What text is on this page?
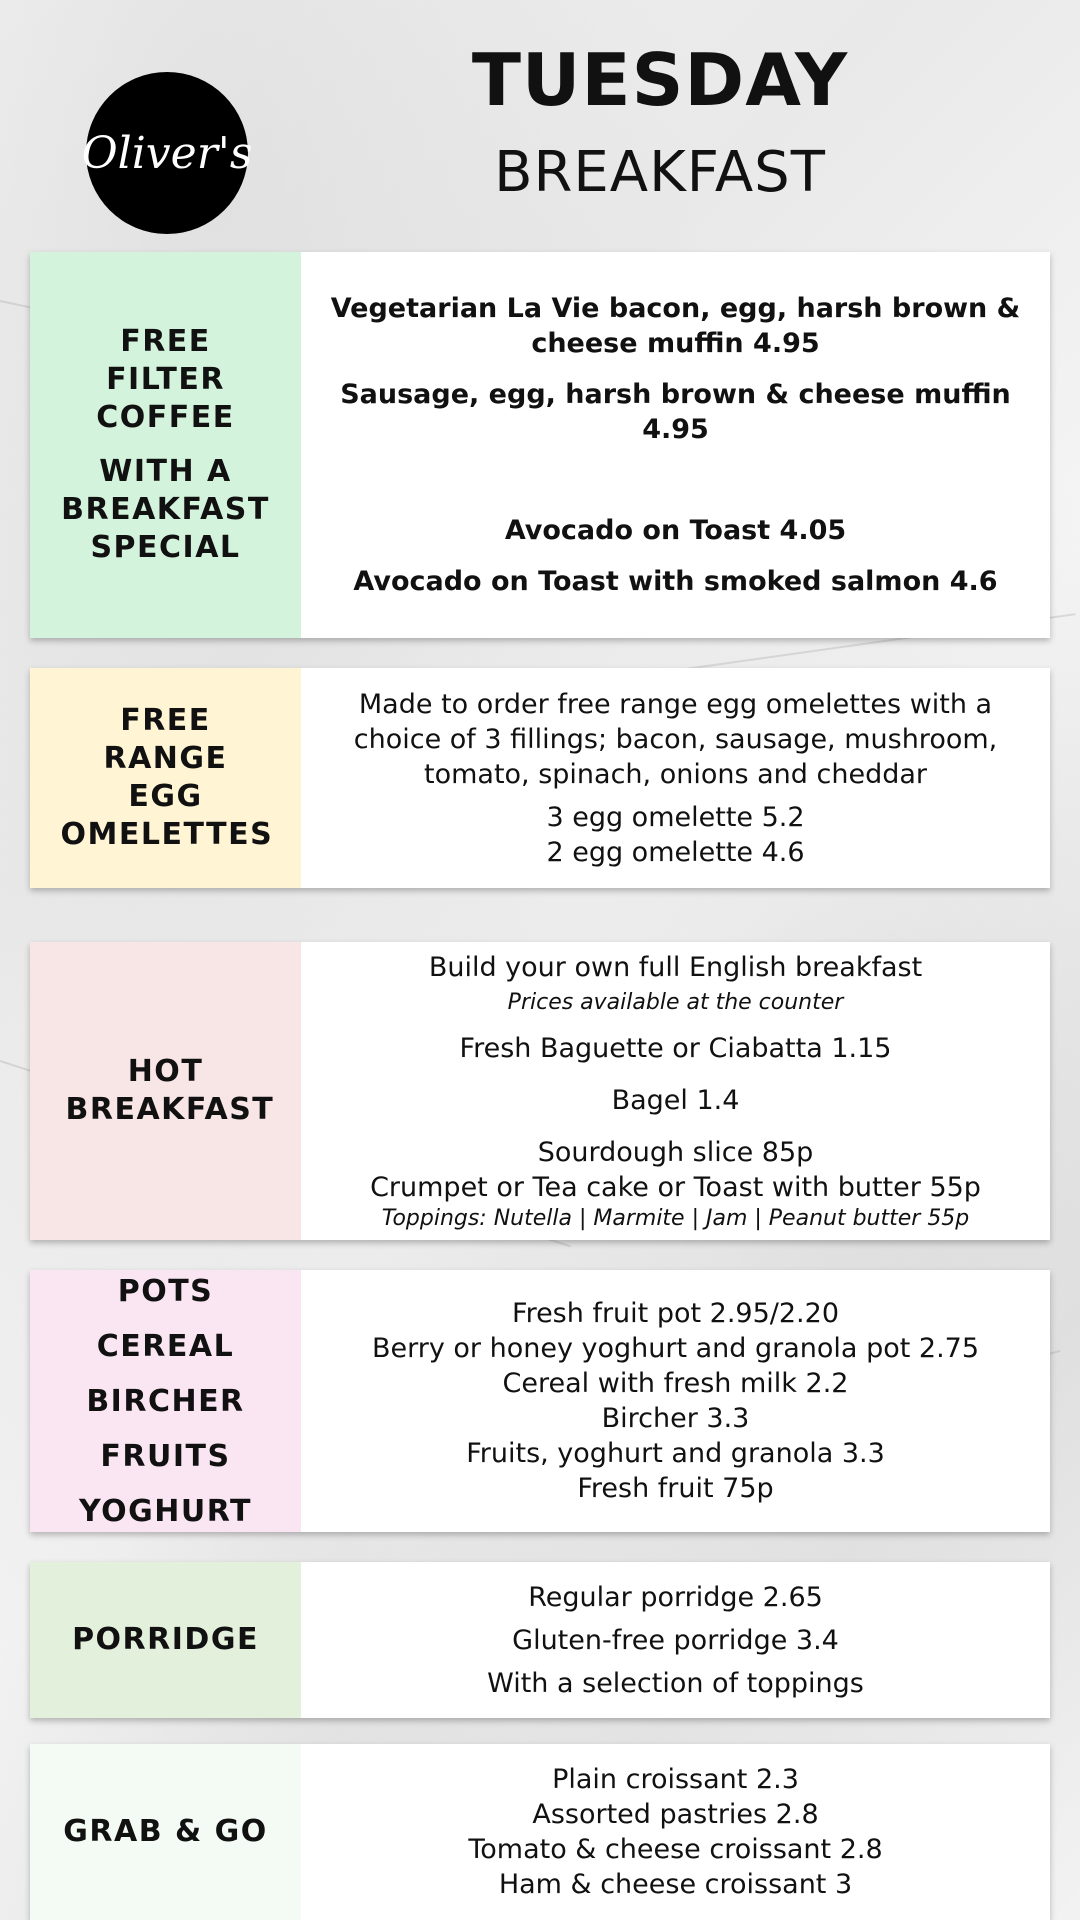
Oliver's
TUESDAY
BREAKFAST
FREE FILTER COFFEE
WITH A BREAKFAST SPECIAL
Vegetarian La Vie bacon, egg, harsh brown & cheese muffin 4.95
Sausage, egg, harsh brown & cheese muffin 4.95
Avocado on Toast 4.05
Avocado on Toast with smoked salmon 4.6
FREE RANGE EGG OMELETTES
Made to order free range egg omelettes with a choice of 3 fillings; bacon, sausage, mushroom, tomato, spinach, onions and cheddar
3 egg omelette 5.2
2 egg omelette 4.6
HOT BREAKFAST
Build your own full English breakfast
Prices available at the counter
Fresh Baguette or Ciabatta 1.15
Bagel 1.4
Sourdough slice 85p
Crumpet or Tea cake or Toast with butter 55p
Toppings: Nutella | Marmite | Jam | Peanut butter 55p
POTS
CEREAL
BIRCHER
FRUITS
YOGHURT
Fresh fruit pot 2.95/2.20
Berry or honey yoghurt and granola pot 2.75
Cereal with fresh milk 2.2
Bircher 3.3
Fruits, yoghurt and granola 3.3
Fresh fruit 75p
PORRIDGE
Regular porridge 2.65
Gluten-free porridge 3.4
With a selection of toppings
GRAB & GO
Plain croissant 2.3
Assorted pastries 2.8
Tomato & cheese croissant 2.8
Ham & cheese croissant 3
